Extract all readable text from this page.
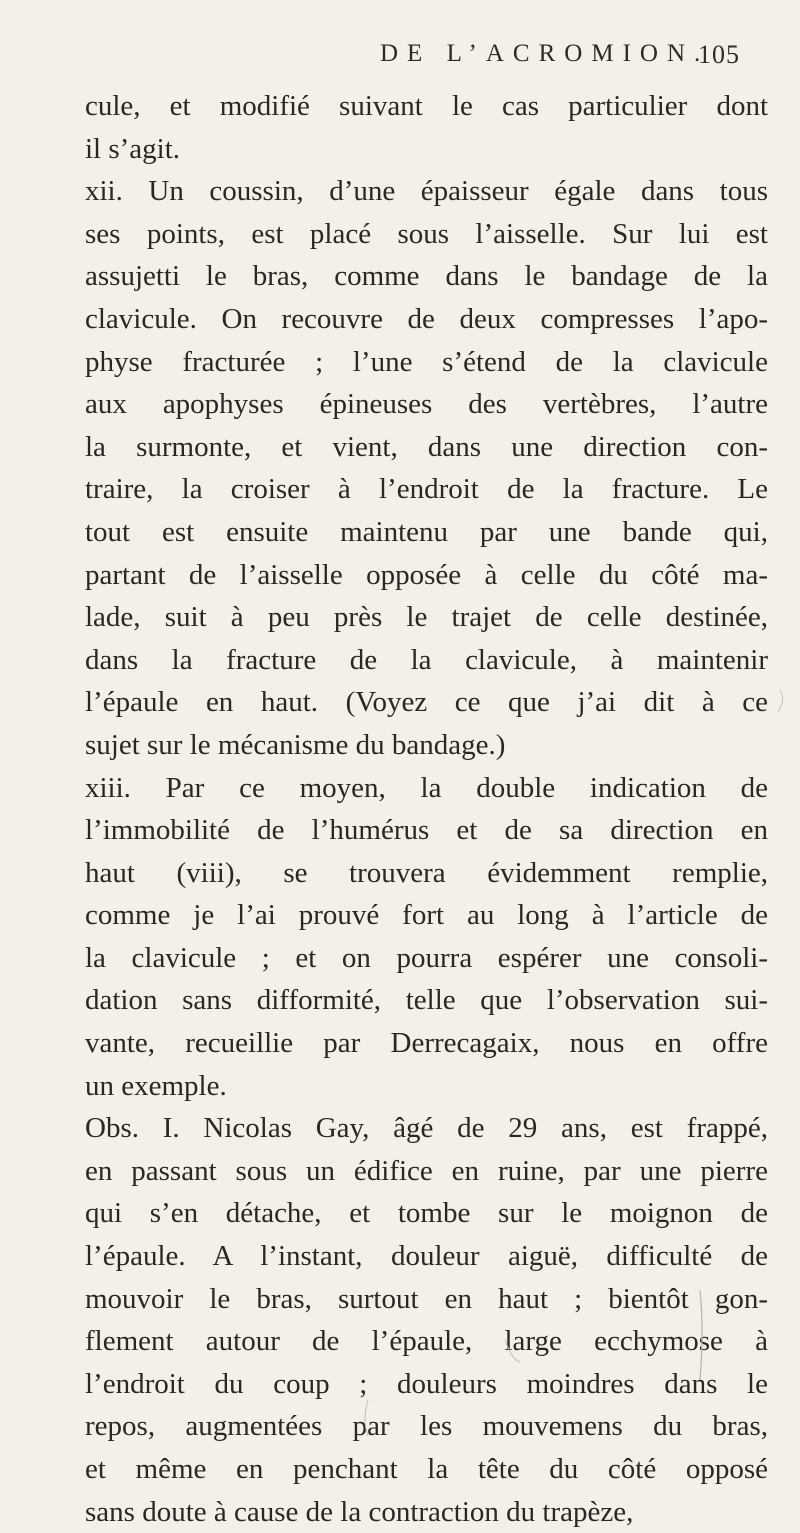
DE L’ACROMION.
105
cule, et modifié suivant le cas particulier dont
il s’agit.
xii. Un coussin, d’une épaisseur égale dans tous
ses points, est placé sous l’aisselle. Sur lui est
assujetti le bras, comme dans le bandage de la
clavicule. On recouvre de deux compresses l’apo-
physe fracturée ; l’une s’étend de la clavicule
aux apophyses épineuses des vertèbres, l’autre
la surmonte, et vient, dans une direction con-
traire, la croiser à l’endroit de la fracture. Le
tout est ensuite maintenu par une bande qui,
partant de l’aisselle opposée à celle du côté ma-
lade, suit à peu près le trajet de celle destinée,
dans la fracture de la clavicule, à maintenir
l’épaule en haut. (Voyez ce que j’ai dit à ce
sujet sur le mécanisme du bandage.)
xiii. Par ce moyen, la double indication de
l’immobilité de l’humérus et de sa direction en
haut (viii), se trouvera évidemment remplie,
comme je l’ai prouvé fort au long à l’article de
la clavicule ; et on pourra espérer une consoli-
dation sans difformité, telle que l’observation sui-
vante, recueillie par Derrecagaix, nous en offre
un exemple.
Obs. I. Nicolas Gay, âgé de 29 ans, est frappé,
en passant sous un édifice en ruine, par une pierre
qui s’en détache, et tombe sur le moignon de
l’épaule. A l’instant, douleur aiguë, difficulté de
mouvoir le bras, surtout en haut ; bientôt gon-
flement autour de l’épaule, large ecchymose à
l’endroit du coup ; douleurs moindres dans le
repos, augmentées par les mouvemens du bras,
et même en penchant la tête du côté opposé
sans doute à cause de la contraction du trapèze,
